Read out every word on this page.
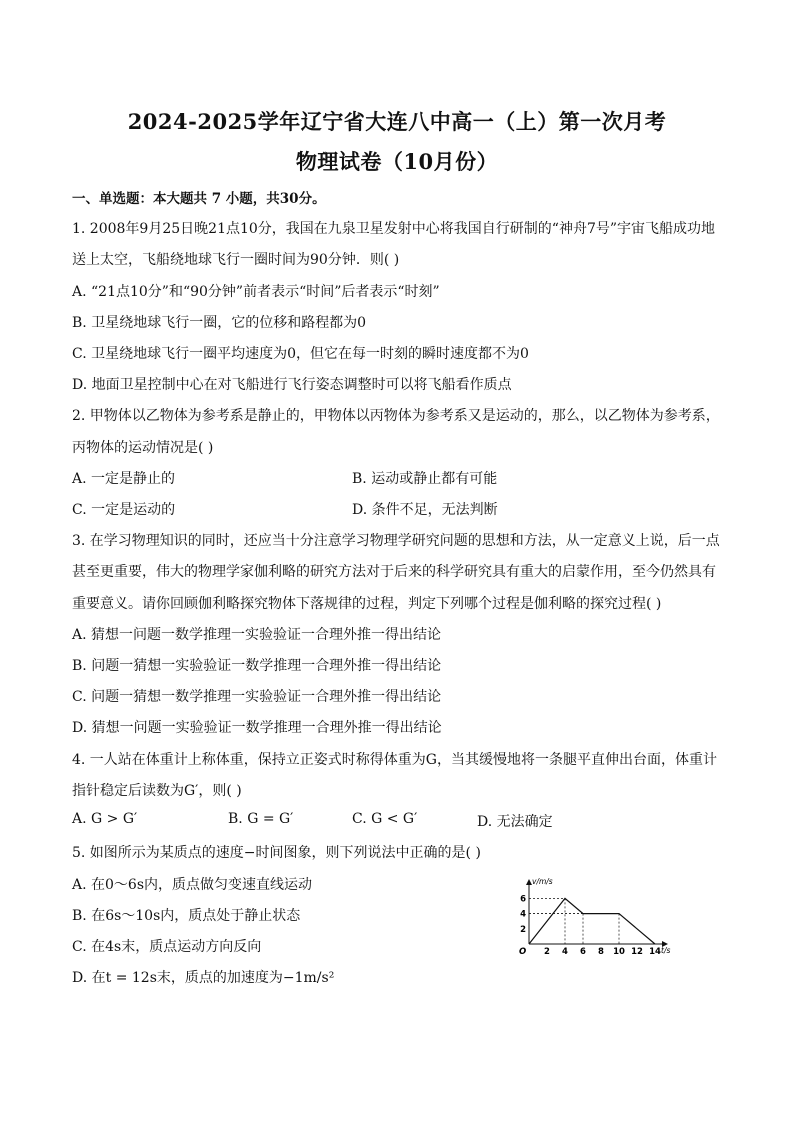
2024-2025学年辽宁省大连八中高一（上）第一次月考
物理试卷（10月份）
一、单选题：本大题共 7 小题，共30分。
1. 2008年9月25日晚21点10分，我国在九泉卫星发射中心将我国自行研制的“神舟7号”宇宙飞船成功地
送上太空，飞船绕地球飞行一圈时间为90分钟．则( )
A. “21点10分”和“90分钟”前者表示“时间”后者表示“时刻”
B. 卫星绕地球飞行一圈，它的位移和路程都为0
C. 卫星绕地球飞行一圈平均速度为0，但它在每一时刻的瞬时速度都不为0
D. 地面卫星控制中心在对飞船进行飞行姿态调整时可以将飞船看作质点
2. 甲物体以乙物体为参考系是静止的，甲物体以丙物体为参考系又是运动的，那么，以乙物体为参考系，
丙物体的运动情况是( )
A. 一定是静止的	B. 运动或静止都有可能
C. 一定是运动的	D. 条件不足，无法判断
3. 在学习物理知识的同时，还应当十分注意学习物理学研究问题的思想和方法，从一定意义上说，后一点
甚至更重要，伟大的物理学家伽利略的研究方法对于后来的科学研究具有重大的启蒙作用，至今仍然具有
重要意义。请你回顾伽利略探究物体下落规律的过程，判定下列哪个过程是伽利略的探究过程( )
A. 猜想一问题一数学推理一实验验证一合理外推一得出结论
B. 问题一猜想一实验验证一数学推理一合理外推一得出结论
C. 问题一猜想一数学推理一实验验证一合理外推一得出结论
D. 猜想一问题一实验验证一数学推理一合理外推一得出结论
4. 一人站在体重计上称体重，保持立正姿式时称得体重为G，当其缓慢地将一条腿平直伸出台面，体重计
指针稳定后读数为G′，则( )
A. G > G′	B. G = G′	C. G < G′	D. 无法确定
5. 如图所示为某质点的速度−时间图象，则下列说法中正确的是( )
A. 在0～6s内，质点做匀变速直线运动
B. 在6s～10s内，质点处于静止状态
C. 在4s末，质点运动方向反向
D. 在t = 12s末，质点的加速度为−1m/s²
v/m/s
t/s
O 2 4 6 8 10 12 14
2
4
6
